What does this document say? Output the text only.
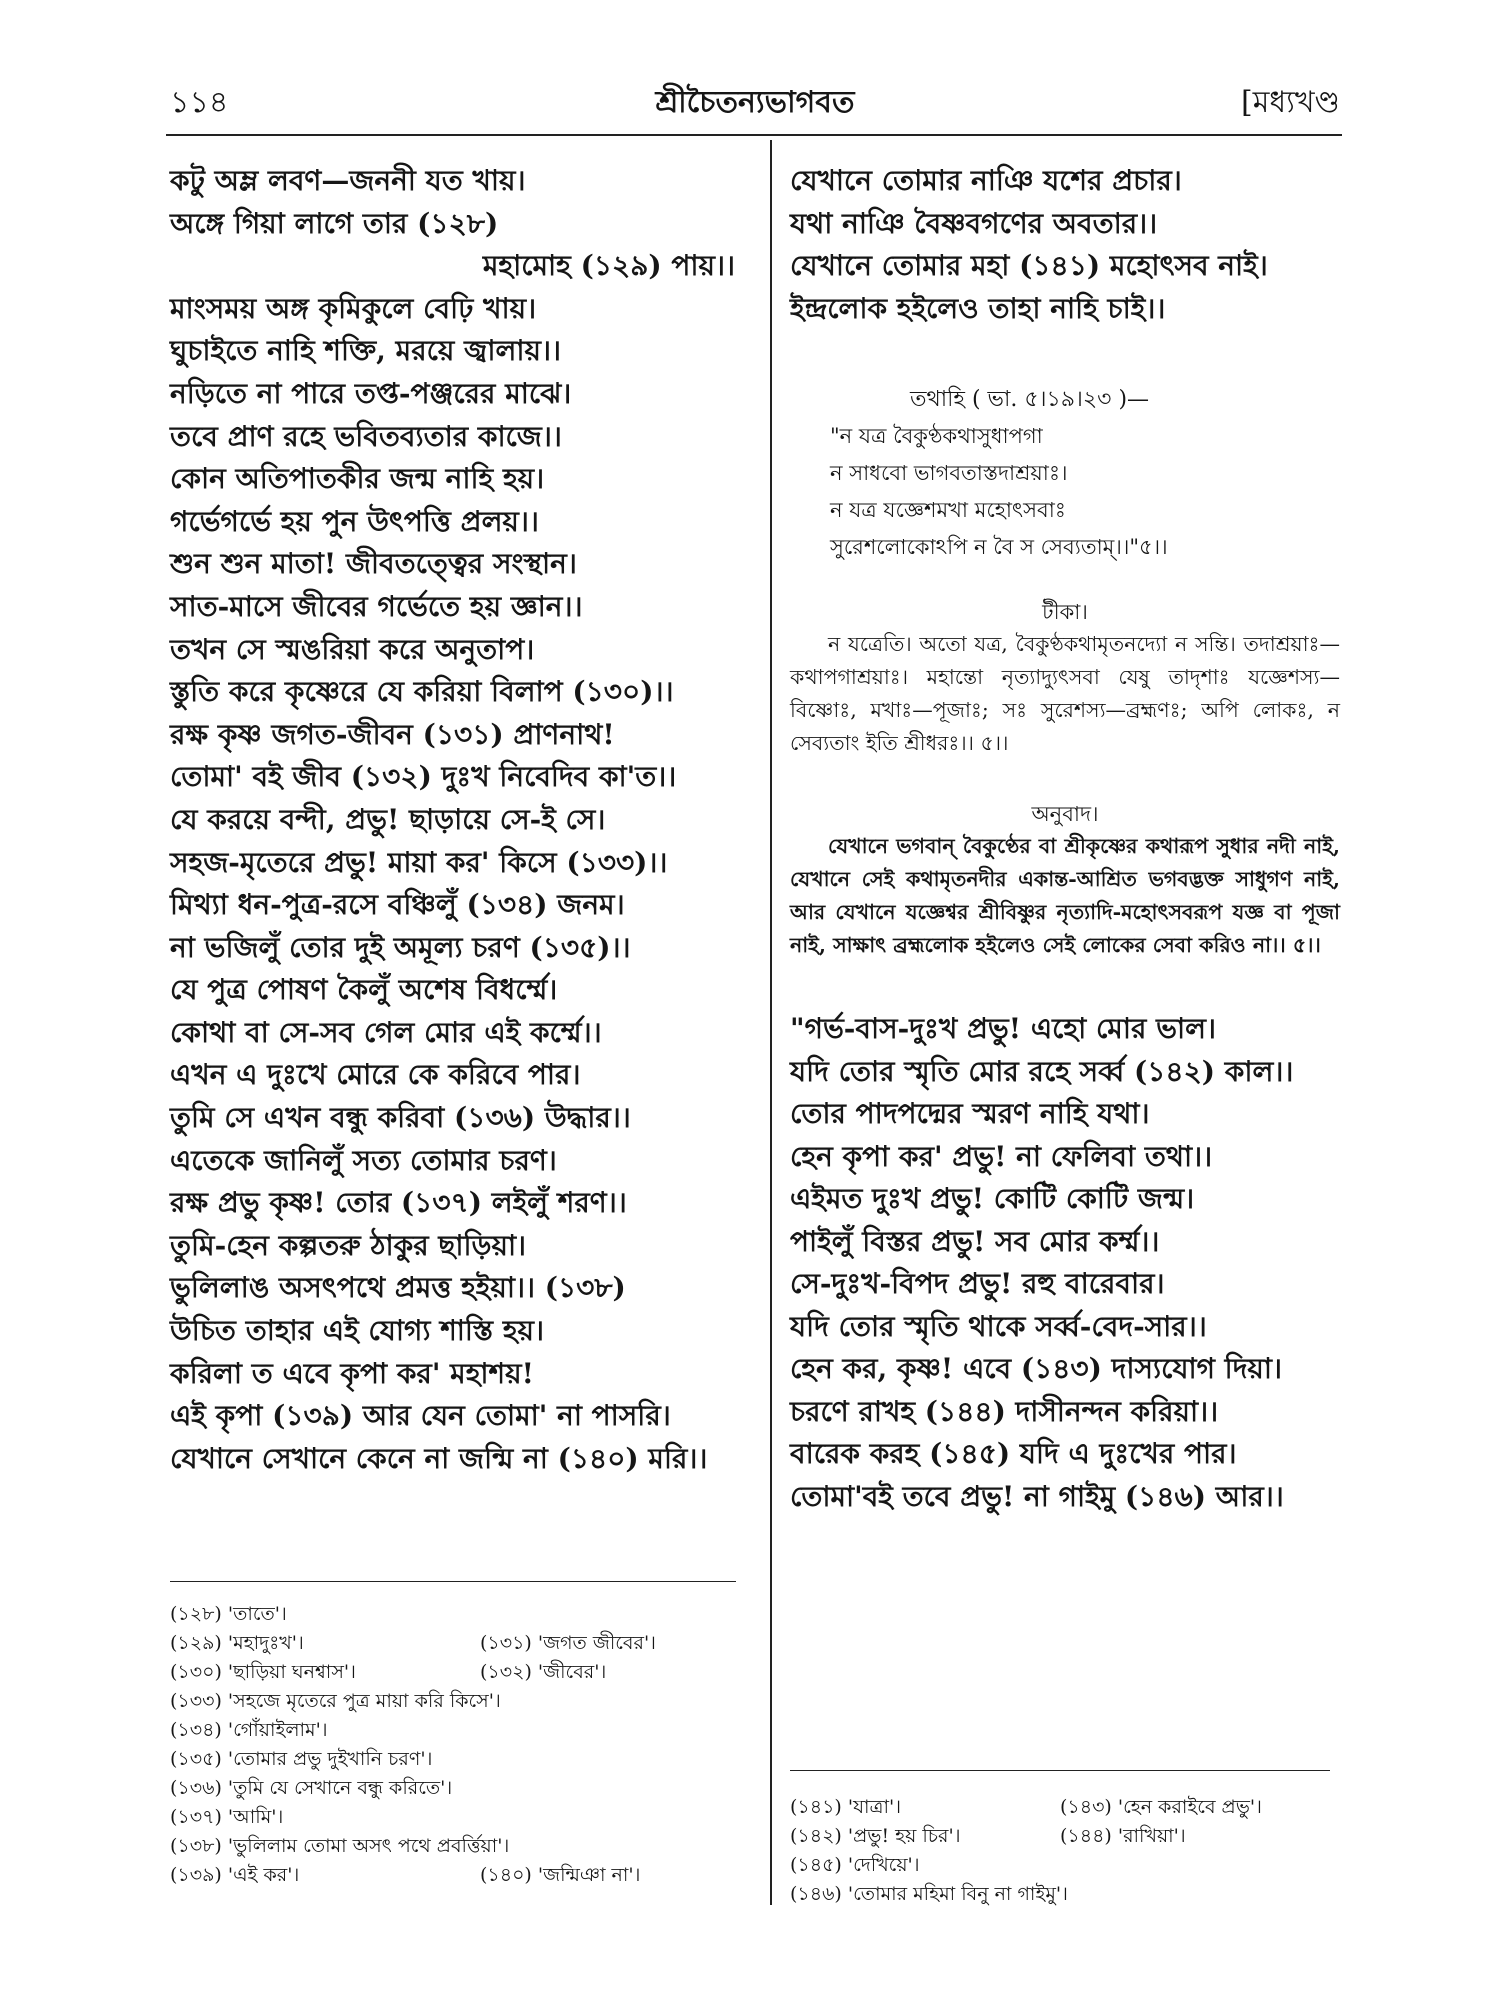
১১৪	শ্রীচৈতন্যভাগবত	[মধ্যখণ্ড
কটু অম্ল লবণ—জননী যত খায়।
অঙ্গে গিয়া লাগে তার (১২৮)
মহামোহ (১২৯) পায়।।
মাংসময় অঙ্গ কৃমিকুলে বেঢ়ি খায়।
ঘুচাইতে নাহি শক্তি, মরয়ে জ্বালায়।।
নড়িতে না পারে তপ্ত-পঞ্জরের মাঝে।
তবে প্রাণ রহে ভবিতব্যতার কাজে।।
কোন অতিপাতকীর জন্ম নাহি হয়।
গর্ভেগর্ভে হয় পুন উৎপত্তি প্রলয়।।
শুন শুন মাতা! জীবতত্ত্বের সংস্থান।
সাত-মাসে জীবের গর্ভেতে হয় জ্ঞান।।
তখন সে স্মঙরিয়া করে অনুতাপ।
স্তুতি করে কৃষ্ণেরে যে করিয়া বিলাপ (১৩০)।।
রক্ষ কৃষ্ণ জগত-জীবন (১৩১) প্রাণনাথ!
তোমা' বই জীব (১৩২) দুঃখ নিবেদিব কা'ত।।
যে করয়ে বন্দী, প্রভু! ছাড়ায়ে সে-ই সে।
সহজ-মৃতেরে প্রভু! মায়া কর' কিসে (১৩৩)।।
মিথ্যা ধন-পুত্র-রসে বঞ্চিলুঁ (১৩৪) জনম।
না ভজিলুঁ তোর দুই অমূল্য চরণ (১৩৫)।।
যে পুত্র পোষণ কৈলুঁ অশেষ বিধর্ম্মে।
কোথা বা সে-সব গেল মোর এই কর্ম্মে।।
এখন এ দুঃখে মোরে কে করিবে পার।
তুমি সে এখন বন্ধু করিবা (১৩৬) উদ্ধার।।
এতেকে জানিলুঁ সত্য তোমার চরণ।
রক্ষ প্রভু কৃষ্ণ! তোর (১৩৭) লইলুঁ শরণ।।
তুমি-হেন কল্পতরু ঠাকুর ছাড়িয়া।
ভুলিলাঙ অসৎপথে প্রমত্ত হইয়া।। (১৩৮)
উচিত তাহার এই যোগ্য শাস্তি হয়।
করিলা ত এবে কৃপা কর' মহাশয়!
এই কৃপা (১৩৯) আর যেন তোমা' না পাসরি।
যেখানে সেখানে কেনে না জন্মি না (১৪০) মরি।।
যেখানে তোমার নাঞি যশের প্রচার।
যথা নাঞি বৈষ্ণবগণের অবতার।।
যেখানে তোমার মহা (১৪১) মহোৎসব নাই।
ইন্দ্রলোক হইলেও তাহা নাহি চাই।।
তথাহি ( ভা. ৫।১৯।২৩ )—
"ন যত্র বৈকুণ্ঠকথাসুধাপগা
ন সাধবো ভাগবতাস্তদাশ্রয়াঃ।
ন যত্র যজ্ঞেশমখা মহোৎসবাঃ
সুরেশলোকোঽপি ন বৈ স সেব্যতাম্।।"৫।।
টীকা।

ন যত্রেতি। অতো যত্র, বৈকুণ্ঠকথামৃতনদ্যো ন সন্তি। তদাশ্রয়াঃ—কথাপগাশ্রয়াঃ। মহান্তো নৃত্যাদ্যুৎসবা যেষু তাদৃশাঃ যজ্ঞেশস্য—বিষ্ণোঃ, মখাঃ—পূজাঃ; সঃ সুরেশস্য—ব্রহ্মণঃ; অপি লোকঃ, ন সেব্যতাং ইতি শ্রীধরঃ।। ৫।।

অনুবাদ।

যেখানে ভগবান্ বৈকুণ্ঠের বা শ্রীকৃষ্ণের কথারূপ সুধার নদী নাই, যেখানে সেই কথামৃতনদীর একান্ত-আশ্রিত ভগবদ্ভক্ত সাধুগণ নাই, আর যেখানে যজ্ঞেশ্বর শ্রীবিষ্ণুর নৃত্যাদি-মহোৎসবরূপ যজ্ঞ বা পূজা নাই, সাক্ষাৎ ব্রহ্মলোক হইলেও সেই লোকের সেবা করিও না।। ৫।।

"গর্ভ-বাস-দুঃখ প্রভু! এহো মোর ভাল।
যদি তোর স্মৃতি মোর রহে সর্ব্ব (১৪২) কাল।।
তোর পাদপদ্মের স্মরণ নাহি যথা।
হেন কৃপা কর' প্রভু! না ফেলিবা তথা।।
এইমত দুঃখ প্রভু! কোটি কোটি জন্ম।
পাইলুঁ বিস্তর প্রভু! সব মোর কর্ম্ম।।
সে-দুঃখ-বিপদ প্রভু! রহু বারেবার।
যদি তোর স্মৃতি থাকে সর্ব্ব-বেদ-সার।।
হেন কর, কৃষ্ণ! এবে (১৪৩) দাস্যযোগ দিয়া।
চরণে রাখহ (১৪৪) দাসীনন্দন করিয়া।।
বারেক করহ (১৪৫) যদি এ দুঃখের পার।
তোমা'বই তবে প্রভু! না গাইমু (১৪৬) আর।।
(১২৮) 'তাতে'।
(১২৯) 'মহাদুঃখ'।	(১৩১) 'জগত জীবের'।
(১৩০) 'ছাড়িয়া ঘনশ্বাস'।	(১৩২) 'জীবের'।
(১৩৩) 'সহজে মৃতেরে পুত্র মায়া করি কিসে'।
(১৩৪) 'গোঁয়াইলাম'।
(১৩৫) 'তোমার প্রভু দুইখানি চরণ'।
(১৩৬) 'তুমি যে সেখানে বন্ধু করিতে'।
(১৩৭) 'আমি'।
(১৩৮) 'ভুলিলাম তোমা অসৎ পথে প্রবর্ত্তিয়া'।
(১৩৯) 'এই কর'।	(১৪০) 'জন্মিঞা না'।
(১৪১) 'যাত্রা'।	(১৪৩) 'হেন করাইবে প্রভু'।
(১৪২) 'প্রভু! হয় চির'।	(১৪৪) 'রাখিয়া'।
(১৪৫) 'দেখিয়ে'।
(১৪৬) 'তোমার মহিমা বিনু না গাইমু'।
